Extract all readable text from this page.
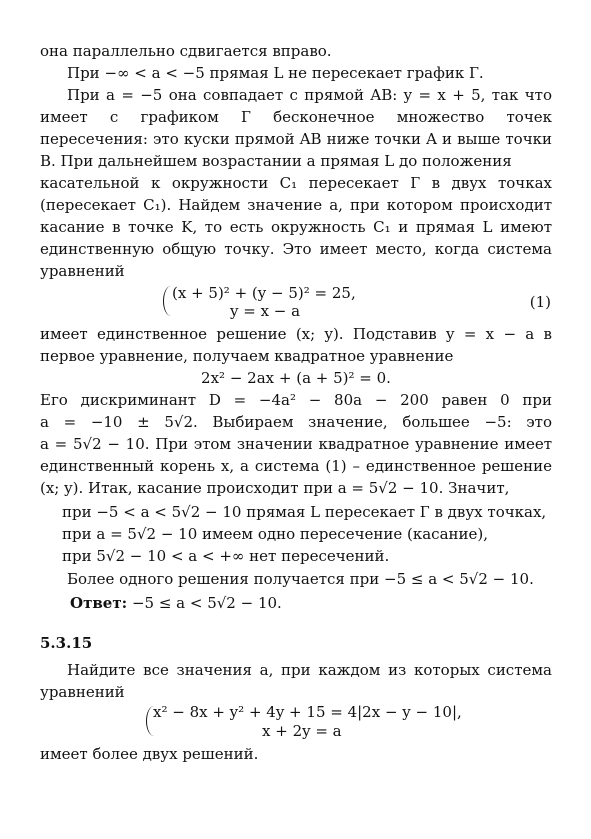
она параллельно сдвигается вправо.
При −∞ < a < −5 прямая L не пересекает график Г.
При a = −5 она совпадает с прямой AB: y = x + 5, так что
имеет с графиком Г бесконечное множество точек
пересечения: это куски прямой AB ниже точки A и выше точки
B. При дальнейшем возрастании a прямая L до положения
касательной к окружности C₁ пересекает Г в двух точках
(пересекает C₁). Найдем значение a, при котором происходит
касание в точке K, то есть окружность C₁ и прямая L имеют
единственную общую точку. Это имеет место, когда система
уравнений
(x + 5)² + (y − 5)² = 25,
y = x − a	(1)
имеет единственное решение (x; y). Подставив y = x − a в
первое уравнение, получаем квадратное уравнение
2x² − 2ax + (a + 5)² = 0.
Его дискриминант D = −4a² − 80a − 200 равен 0 при
a = −10 ± 5√2. Выбираем значение, большее −5: это
a = 5√2 − 10. При этом значении квадратное уравнение имеет
единственный корень x, а система (1) – единственное решение
(x; y). Итак, касание происходит при a = 5√2 − 10. Значит,
при −5 < a < 5√2 − 10 прямая L пересекает Г в двух точках,
при a = 5√2 − 10 имеем одно пересечение (касание),
при 5√2 − 10 < a < +∞ нет пересечений.
Более одного решения получается при −5 ≤ a < 5√2 − 10.
Ответ: −5 ≤ a < 5√2 − 10.
5.3.15
Найдите все значения a, при каждом из которых система
уравнений
x² − 8x + y² + 4y + 15 = 4|2x − y − 10|,
x + 2y = a
имеет более двух решений.
